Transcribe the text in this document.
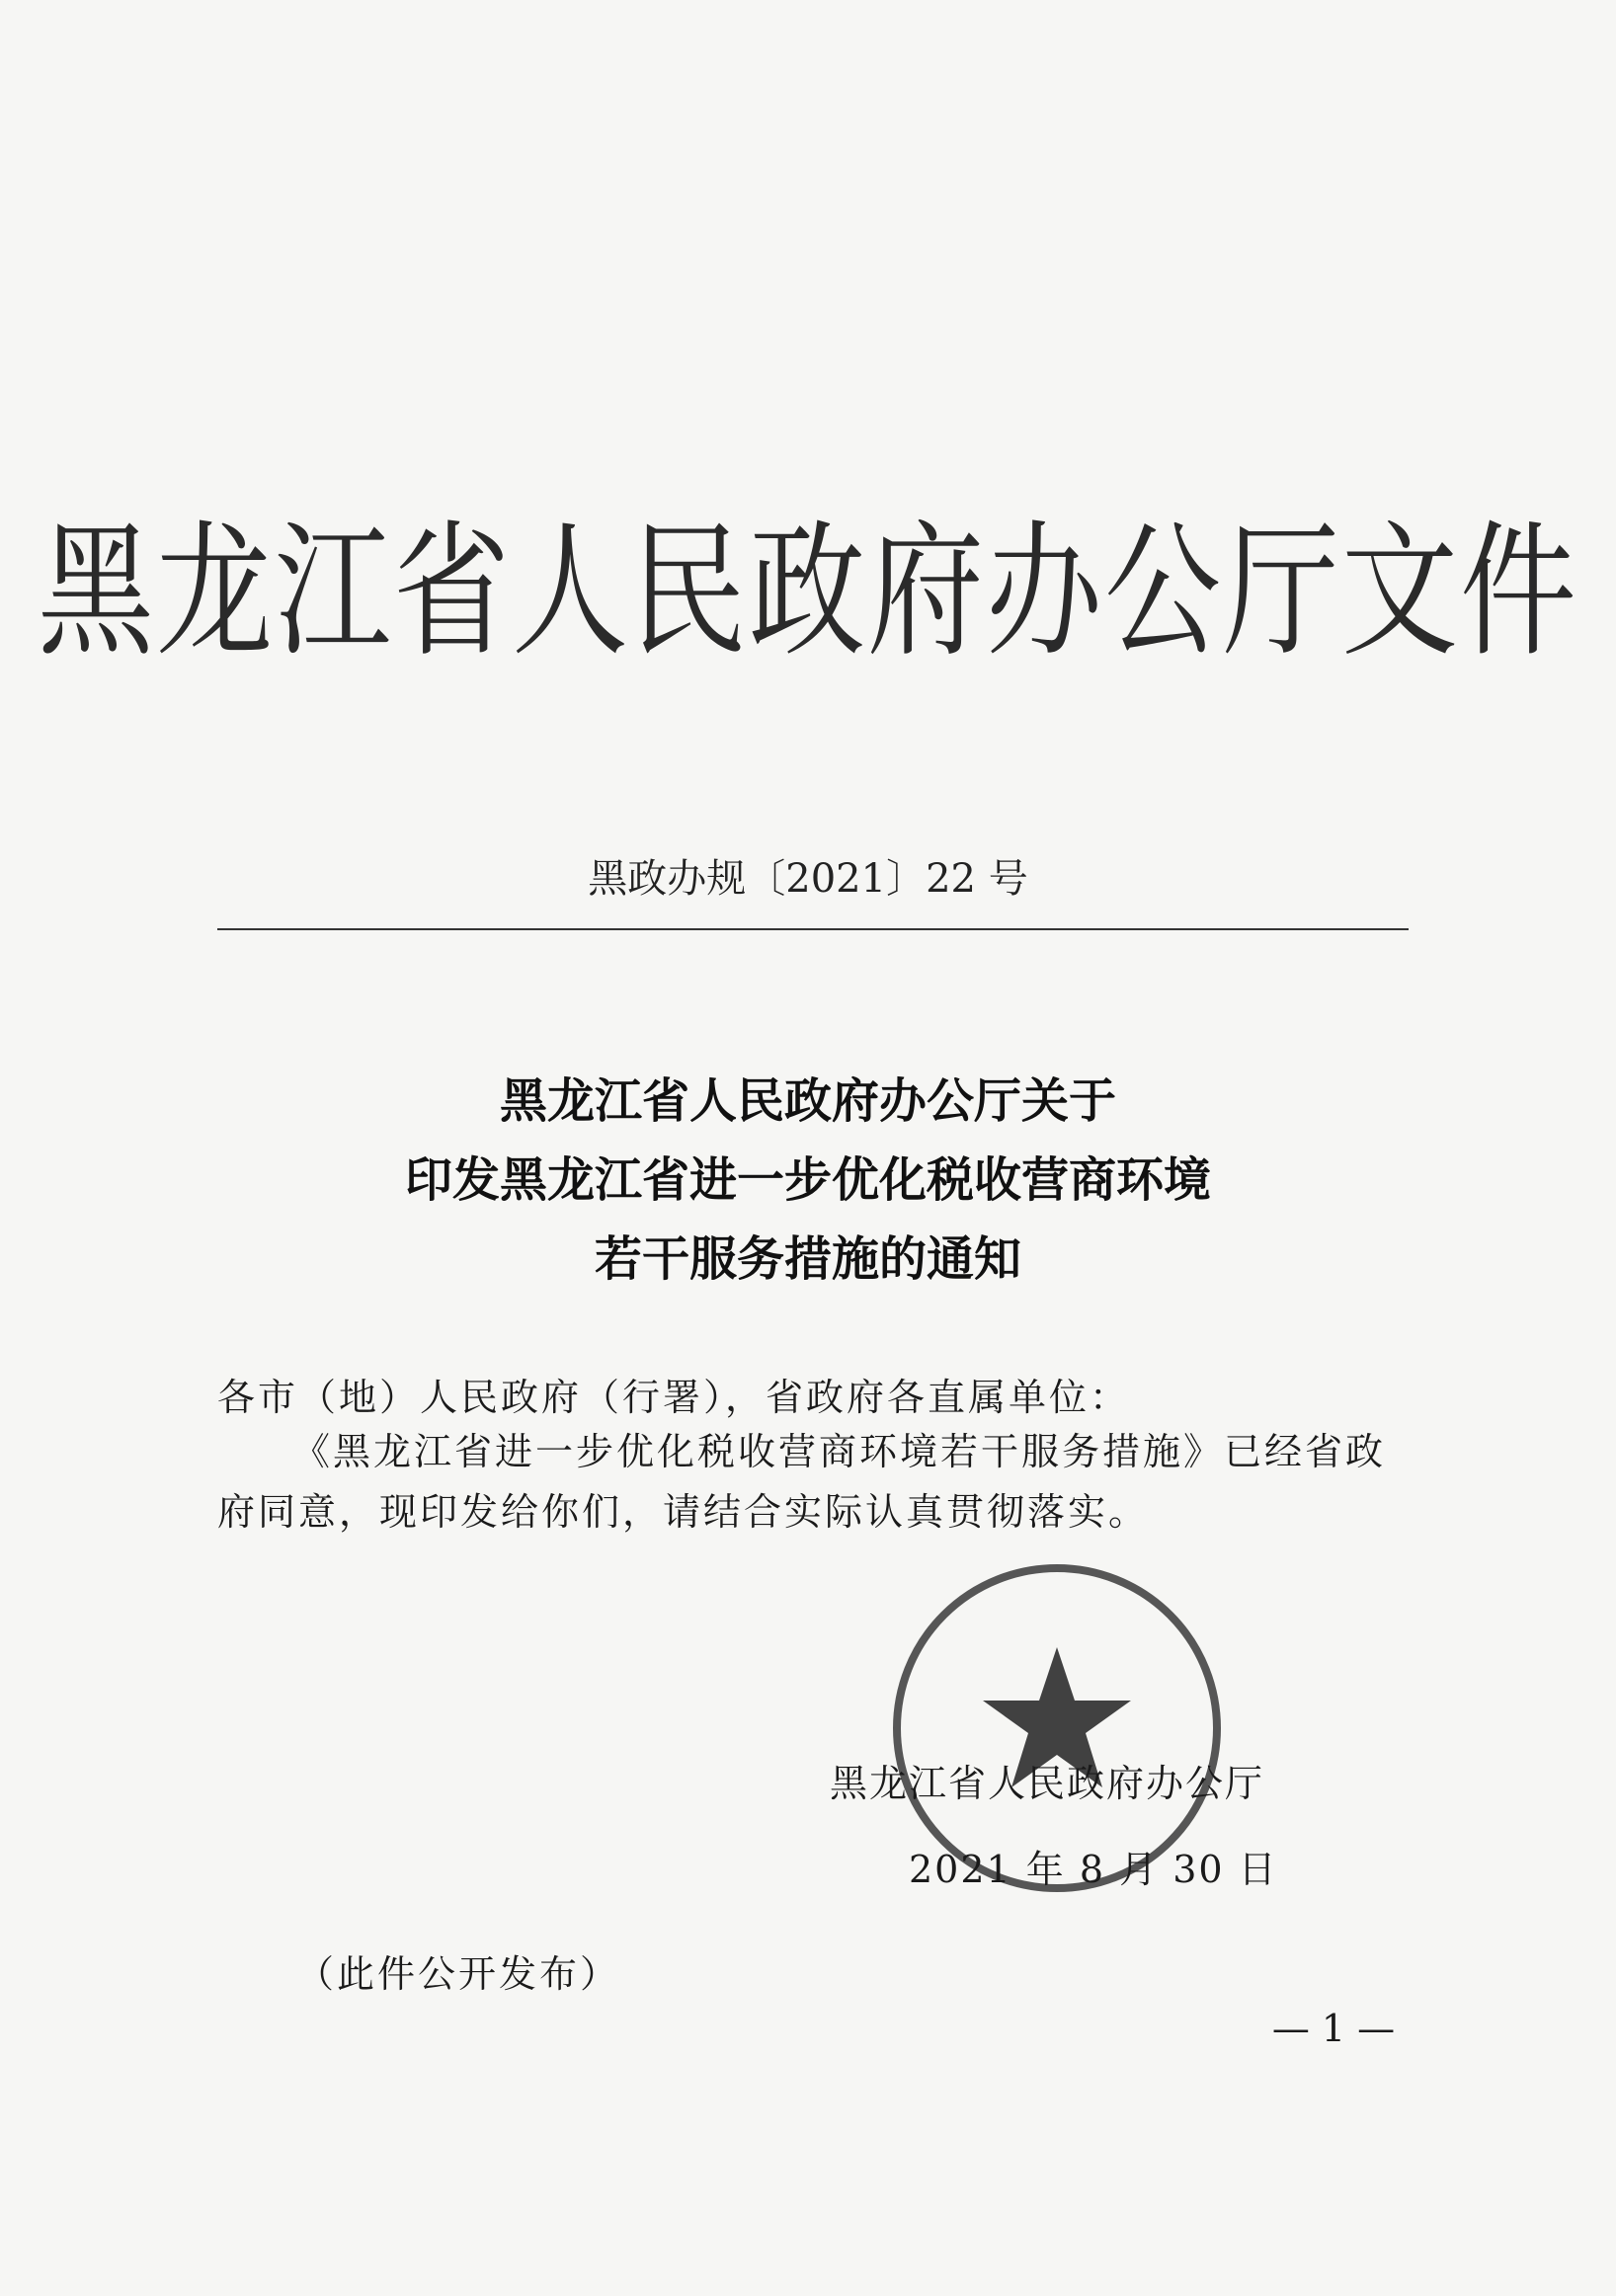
黑龙江省人民政府办公厅文件
黑政办规〔2021〕22 号
黑龙江省人民政府办公厅关于
印发黑龙江省进一步优化税收营商环境
若干服务措施的通知
各市（地）人民政府（行署），省政府各直属单位：
《黑龙江省进一步优化税收营商环境若干服务措施》已经省政府同意，现印发给你们，请结合实际认真贯彻落实。
黑龙江省人民政府办公厅
2021 年 8 月 30 日
（此件公开发布）
— 1 —
